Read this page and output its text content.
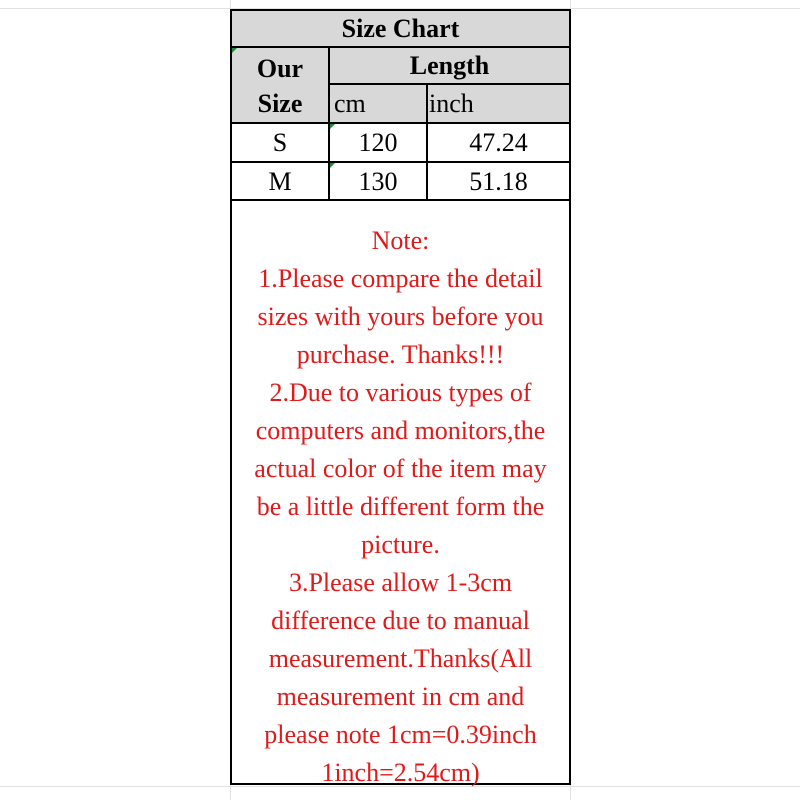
Size Chart
Our
Size
Length
cm inch
S	120	47.24
M	130	51.18
Note:
1.Please compare the detail
sizes with yours before you
purchase. Thanks!!!
2.Due to various types of
computers and monitors,the
actual color of the item may
be a little different form the
picture.
3.Please allow 1-3cm
difference due to manual
measurement.Thanks(All
measurement in cm and
please note 1cm=0.39inch
1inch=2.54cm)
